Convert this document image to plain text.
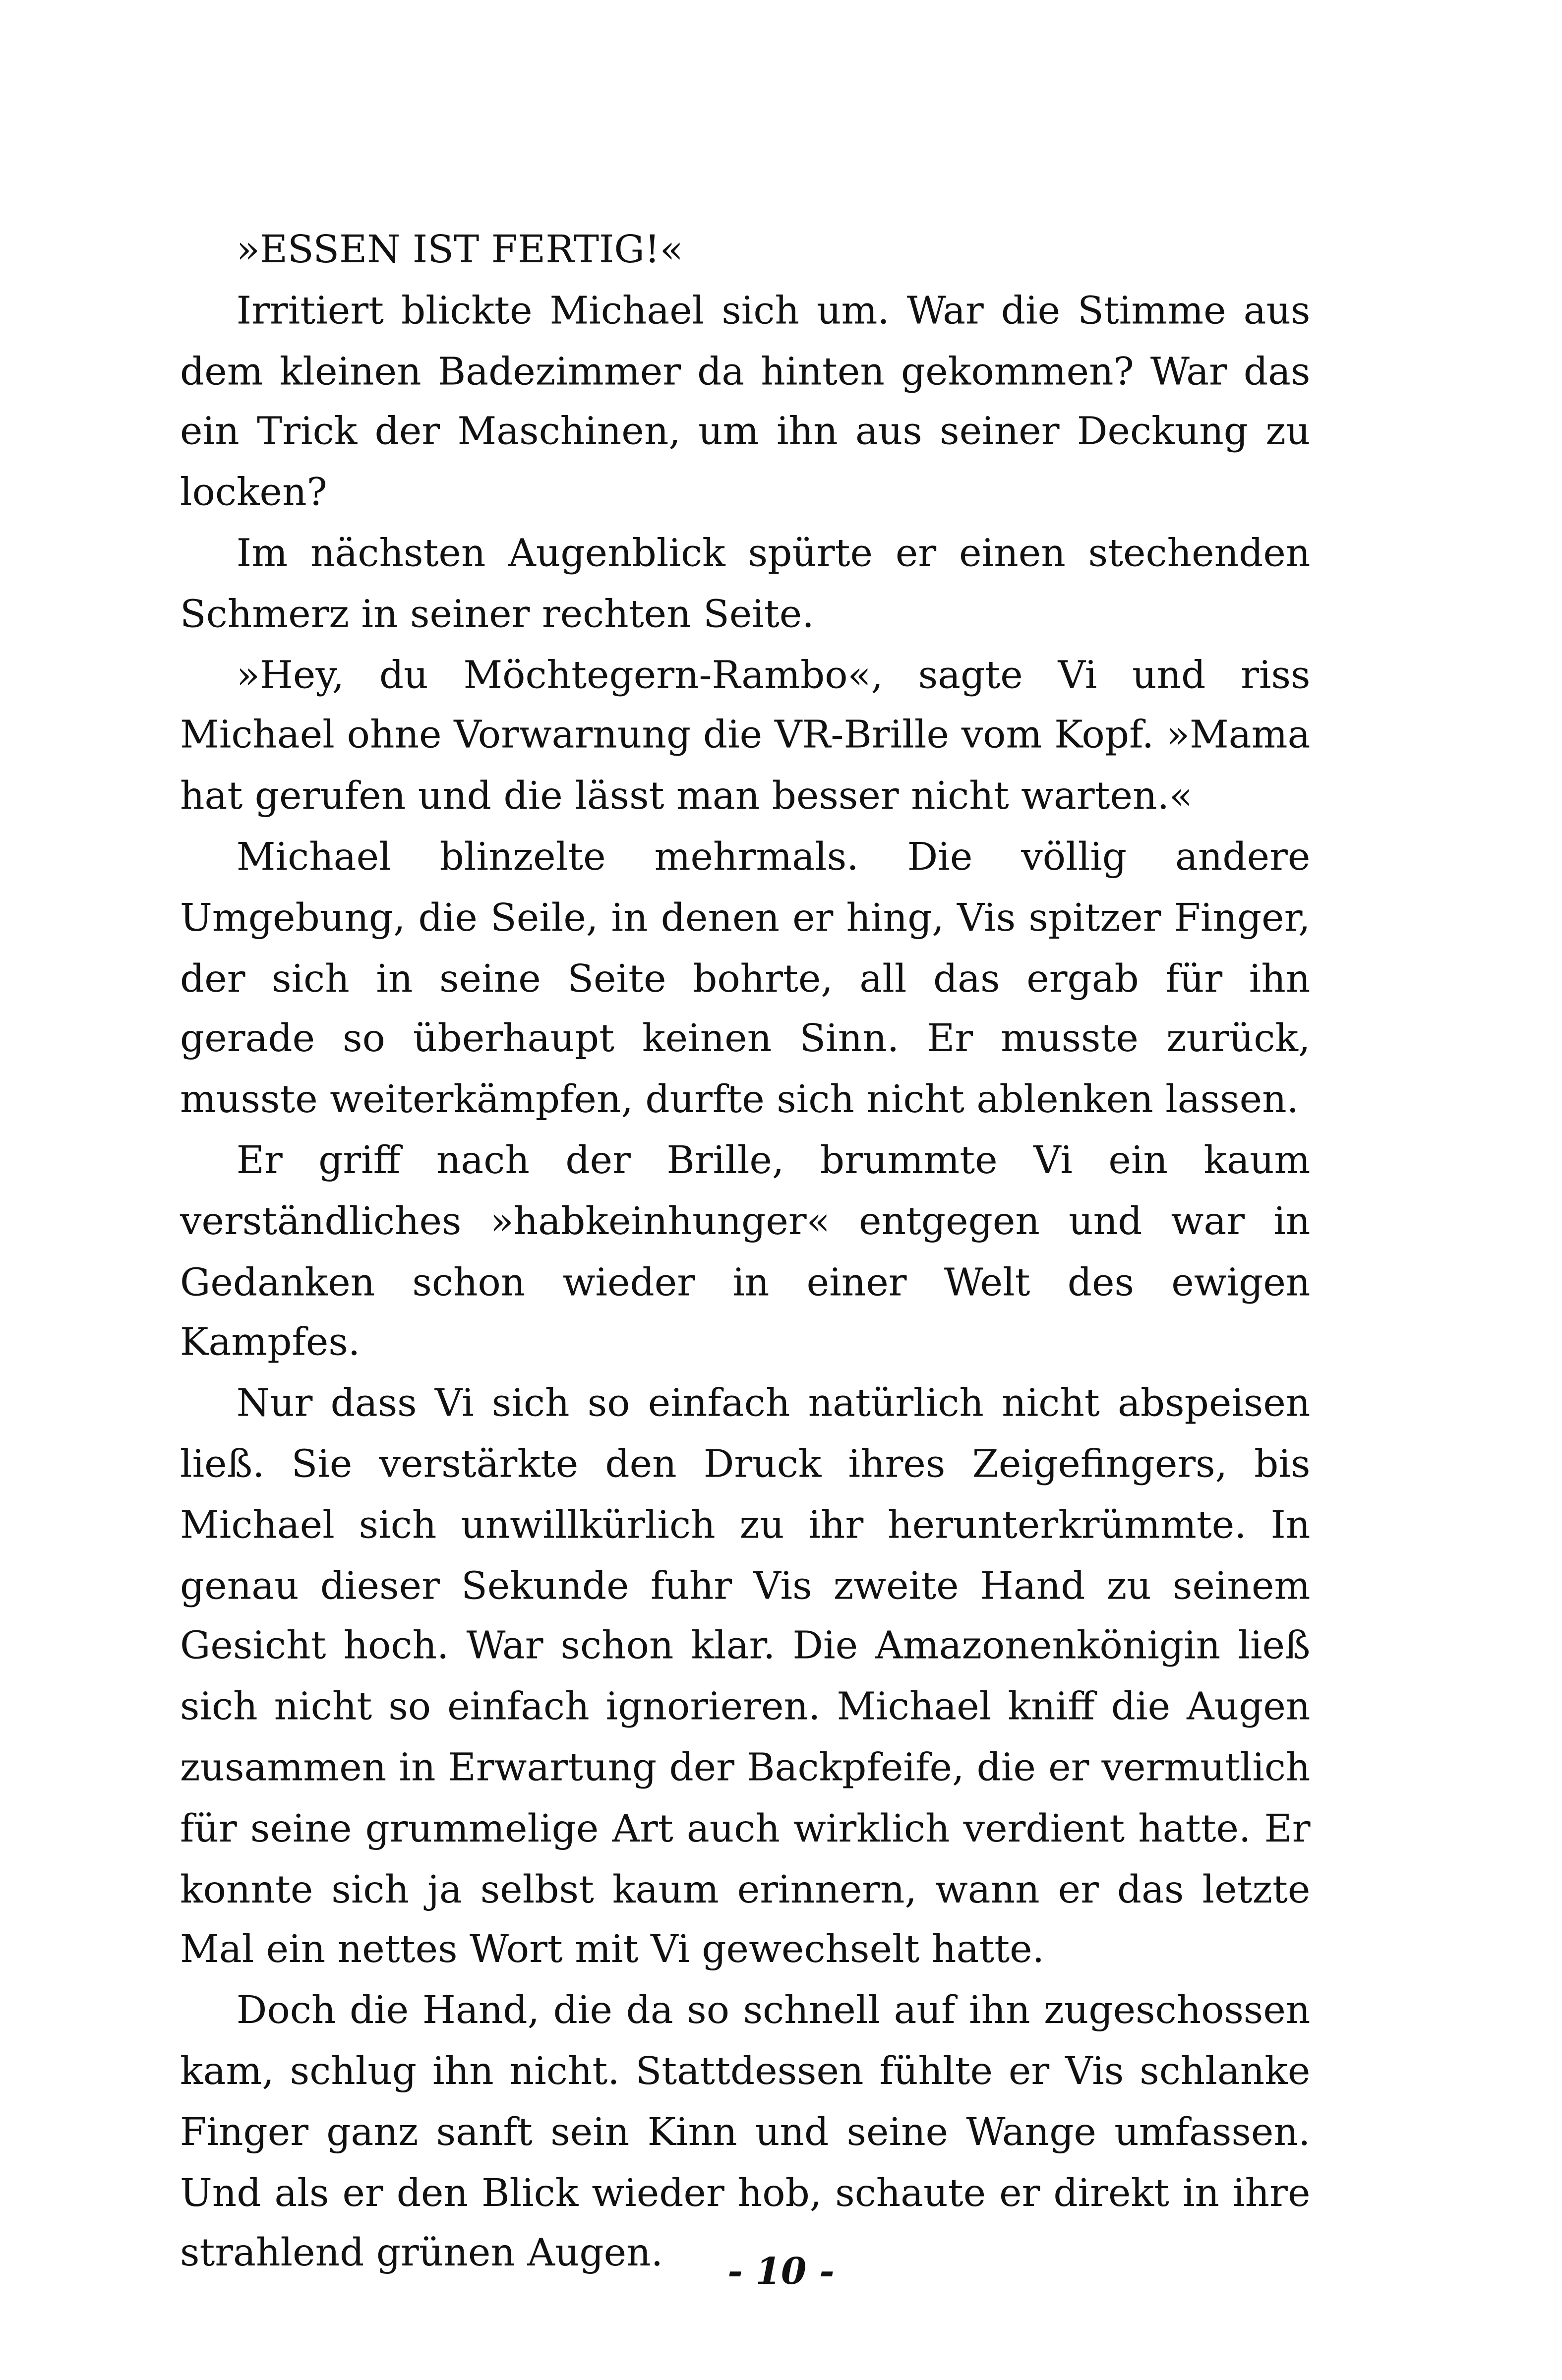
»ESSEN IST FERTIG!«

Irritiert blickte Michael sich um. War die Stimme aus dem kleinen Badezimmer da hinten gekommen? War das ein Trick der Maschinen, um ihn aus seiner Deckung zu locken?

Im nächsten Augenblick spürte er einen stechenden Schmerz in seiner rechten Seite.

»Hey, du Möchtegern-Rambo«, sagte Vi und riss Michael ohne Vorwarnung die VR-Brille vom Kopf. »Mama hat gerufen und die lässt man besser nicht warten.«

Michael blinzelte mehrmals. Die völlig andere Umgebung, die Seile, in denen er hing, Vis spitzer Finger, der sich in seine Seite bohrte, all das ergab für ihn gerade so überhaupt keinen Sinn. Er musste zurück, musste weiterkämpfen, durfte sich nicht ablenken lassen.

Er griff nach der Brille, brummte Vi ein kaum verständliches »habkeinhunger« entgegen und war in Gedanken schon wieder in einer Welt des ewigen Kampfes.

Nur dass Vi sich so einfach natürlich nicht abspeisen ließ. Sie verstärkte den Druck ihres Zeigefingers, bis Michael sich unwillkürlich zu ihr herunterkrümmte. In genau dieser Sekunde fuhr Vis zweite Hand zu seinem Gesicht hoch. War schon klar. Die Amazonenkönigin ließ sich nicht so einfach ignorieren. Michael kniff die Augen zusammen in Erwartung der Backpfeife, die er vermutlich für seine grummelige Art auch wirklich verdient hatte. Er konnte sich ja selbst kaum erinnern, wann er das letzte Mal ein nettes Wort mit Vi gewechselt hatte.

Doch die Hand, die da so schnell auf ihn zugeschossen kam, schlug ihn nicht. Stattdessen fühlte er Vis schlanke Finger ganz sanft sein Kinn und seine Wange umfassen. Und als er den Blick wieder hob, schaute er direkt in ihre strahlend grünen Augen.	- 10 -
